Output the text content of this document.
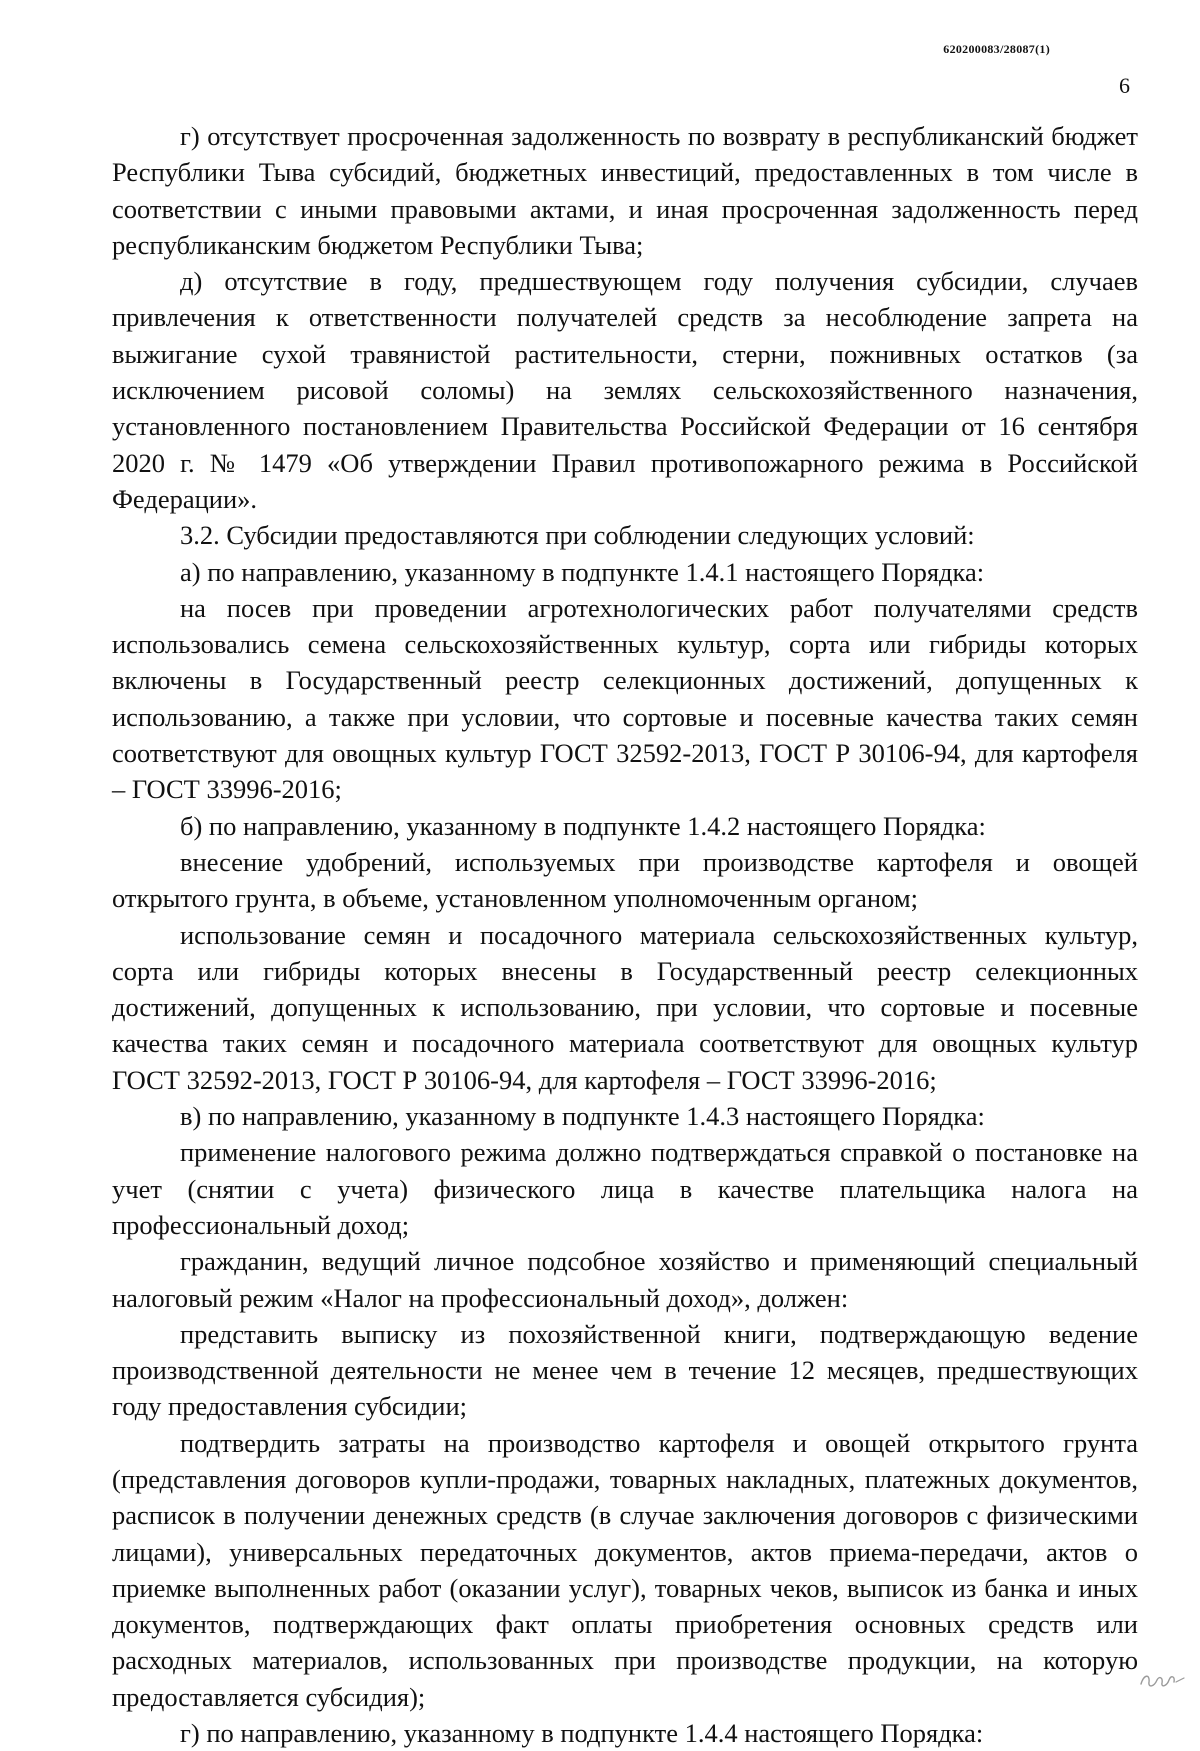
620200083/28087(1)
6

г) отсутствует просроченная задолженность по возврату в республиканский бюджет Республики Тыва субсидий, бюджетных инвестиций, предоставленных в том числе в соответствии с иными правовыми актами, и иная просроченная задолженность перед республиканским бюджетом Республики Тыва;

д) отсутствие в году, предшествующем году получения субсидии, случаев привлечения к ответственности получателей средств за несоблюдение запрета на выжигание сухой травянистой растительности, стерни, пожнивных остатков (за исключением рисовой соломы) на землях сельскохозяйственного назначения, установленного постановлением Правительства Российской Федерации от 16 сентября 2020 г. № 1479 «Об утверждении Правил противопожарного режима в Российской Федерации».

3.2. Субсидии предоставляются при соблюдении следующих условий:

а) по направлению, указанному в подпункте 1.4.1 настоящего Порядка:

на посев при проведении агротехнологических работ получателями средств использовались семена сельскохозяйственных культур, сорта или гибриды которых включены в Государственный реестр селекционных достижений, допущенных к использованию, а также при условии, что сортовые и посевные качества таких семян соответствуют для овощных культур ГОСТ 32592-2013, ГОСТ Р 30106-94, для картофеля – ГОСТ 33996-2016;

б) по направлению, указанному в подпункте 1.4.2 настоящего Порядка:

внесение удобрений, используемых при производстве картофеля и овощей открытого грунта, в объеме, установленном уполномоченным органом;

использование семян и посадочного материала сельскохозяйственных культур, сорта или гибриды которых внесены в Государственный реестр селекционных достижений, допущенных к использованию, при условии, что сортовые и посевные качества таких семян и посадочного материала соответствуют для овощных культур ГОСТ 32592-2013, ГОСТ Р 30106-94, для картофеля – ГОСТ 33996-2016;

в) по направлению, указанному в подпункте 1.4.3 настоящего Порядка:

применение налогового режима должно подтверждаться справкой о постановке на учет (снятии с учета) физического лица в качестве плательщика налога на профессиональный доход;

гражданин, ведущий личное подсобное хозяйство и применяющий специальный налоговый режим «Налог на профессиональный доход», должен:

представить выписку из похозяйственной книги, подтверждающую ведение производственной деятельности не менее чем в течение 12 месяцев, предшествующих году предоставления субсидии;

подтвердить затраты на производство картофеля и овощей открытого грунта (представления договоров купли-продажи, товарных накладных, платежных документов, расписок в получении денежных средств (в случае заключения договоров с физическими лицами), универсальных передаточных документов, актов приема-передачи, актов о приемке выполненных работ (оказании услуг), товарных чеков, выписок из банка и иных документов, подтверждающих факт оплаты приобретения основных средств или расходных материалов, использованных при производстве продукции, на которую предоставляется субсидия);

г) по направлению, указанному в подпункте 1.4.4 настоящего Порядка:
